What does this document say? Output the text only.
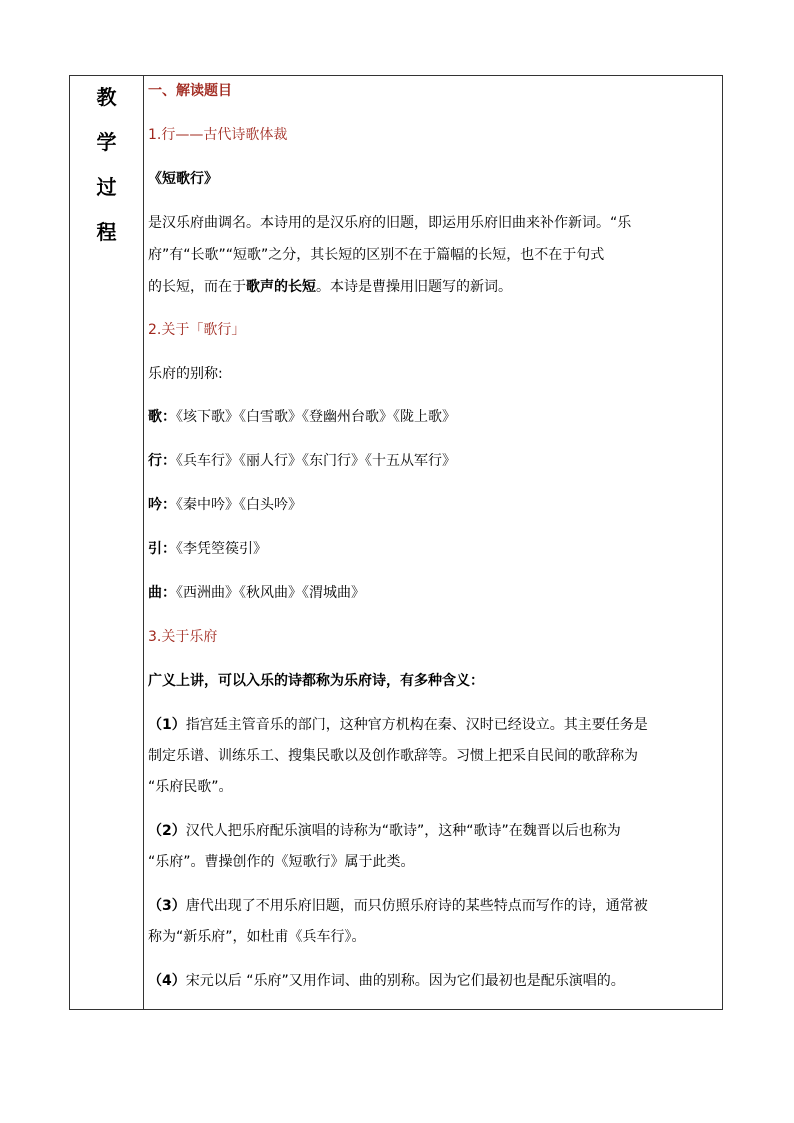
教
学
过
程
一、解读题目
1.行——古代诗歌体裁
《短歌行》
是汉乐府曲调名。本诗用的是汉乐府的旧题，即运用乐府旧曲来补作新词。“乐
府”有“长歌”“短歌”之分，其长短的区别不在于篇幅的长短，也不在于句式
的长短，而在于歌声的长短。本诗是曹操用旧题写的新词。
2.关于「歌行」
乐府的别称:
歌：《垓下歌》《白雪歌》《登幽州台歌》《陇上歌》
行：《兵车行》《丽人行》《东门行》《十五从军行》
吟：《秦中吟》《白头吟》
引：《李凭箜篌引》
曲：《西洲曲》《秋风曲》《渭城曲》
3.关于乐府
广义上讲，可以入乐的诗都称为乐府诗，有多种含义：
（1）指宫廷主管音乐的部门，这种官方机构在秦、汉时已经设立。其主要任务是
制定乐谱、训练乐工、搜集民歌以及创作歌辞等。习惯上把采自民间的歌辞称为
“乐府民歌”。
（2）汉代人把乐府配乐演唱的诗称为“歌诗”，这种“歌诗”在魏晋以后也称为
“乐府”。曹操创作的《短歌行》属于此类。
（3）唐代出现了不用乐府旧题，而只仿照乐府诗的某些特点而写作的诗，通常被
称为“新乐府”，如杜甫《兵车行》。
（4）宋元以后 “乐府”又用作词、曲的别称。因为它们最初也是配乐演唱的。
